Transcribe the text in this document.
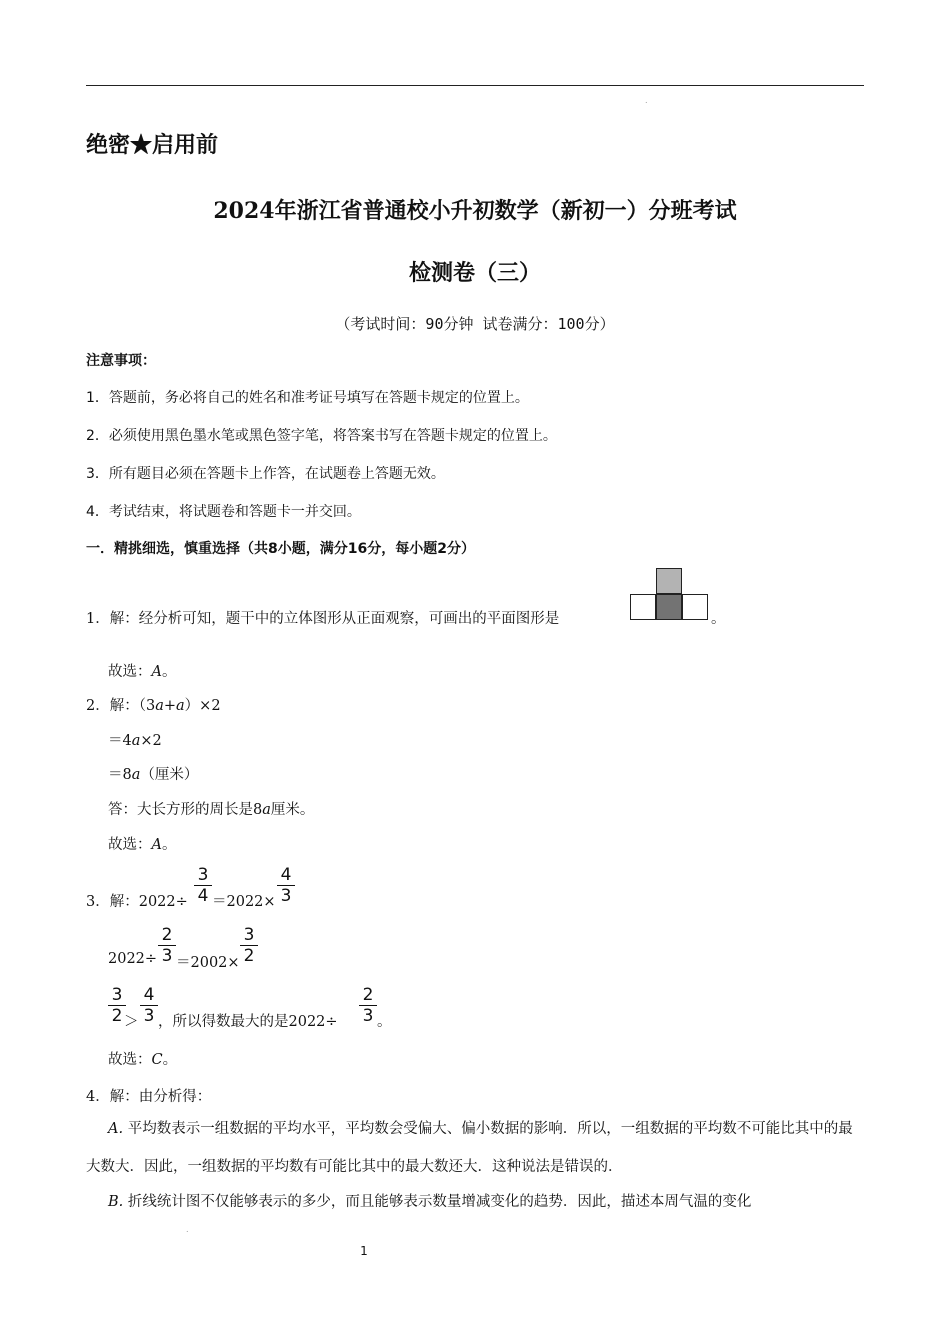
.
绝密★启用前
2024年浙江省普通校小升初数学（新初一）分班考试
检测卷（三）
（考试时间：90分钟 试卷满分：100分）
注意事项：
1．答题前，务必将自己的姓名和准考证号填写在答题卡规定的位置上。
2．必须使用黑色墨水笔或黑色签字笔，将答案书写在答题卡规定的位置上。
3．所有题目必须在答题卡上作答，在试题卷上答题无效。
4．考试结束，将试题卷和答题卡一并交回。
一．精挑细选，慎重选择（共8小题，满分16分，每小题2分）
1．解：经分析可知，题干中的立体图形从正面观察，可画出的平面图形是	。
故选：A。
2．解：（3a+a）×2
＝4a×2
＝8a（厘米）
答：大长方形的周长是8a厘米。
故选：A。
3．解：2022÷
3
4 ＝2022×
4
3
2022÷
2
3 ＝2002×
3
2
3
2 ＞
4
3 ，所以得数最大的是2022÷
2
3 。
故选：C。
4．解：由分析得：
A. 平均数表示一组数据的平均水平，平均数会受偏大、偏小数据的影响．所以，一组数据的平均数不可能比其中的最大数大．因此，一组数据的平均数有可能比其中的最大数还大．这种说法是错误的．
B. 折线统计图不仅能够表示的多少，而且能够表示数量增减变化的趋势．因此，描述本周气温的变化
.
1
